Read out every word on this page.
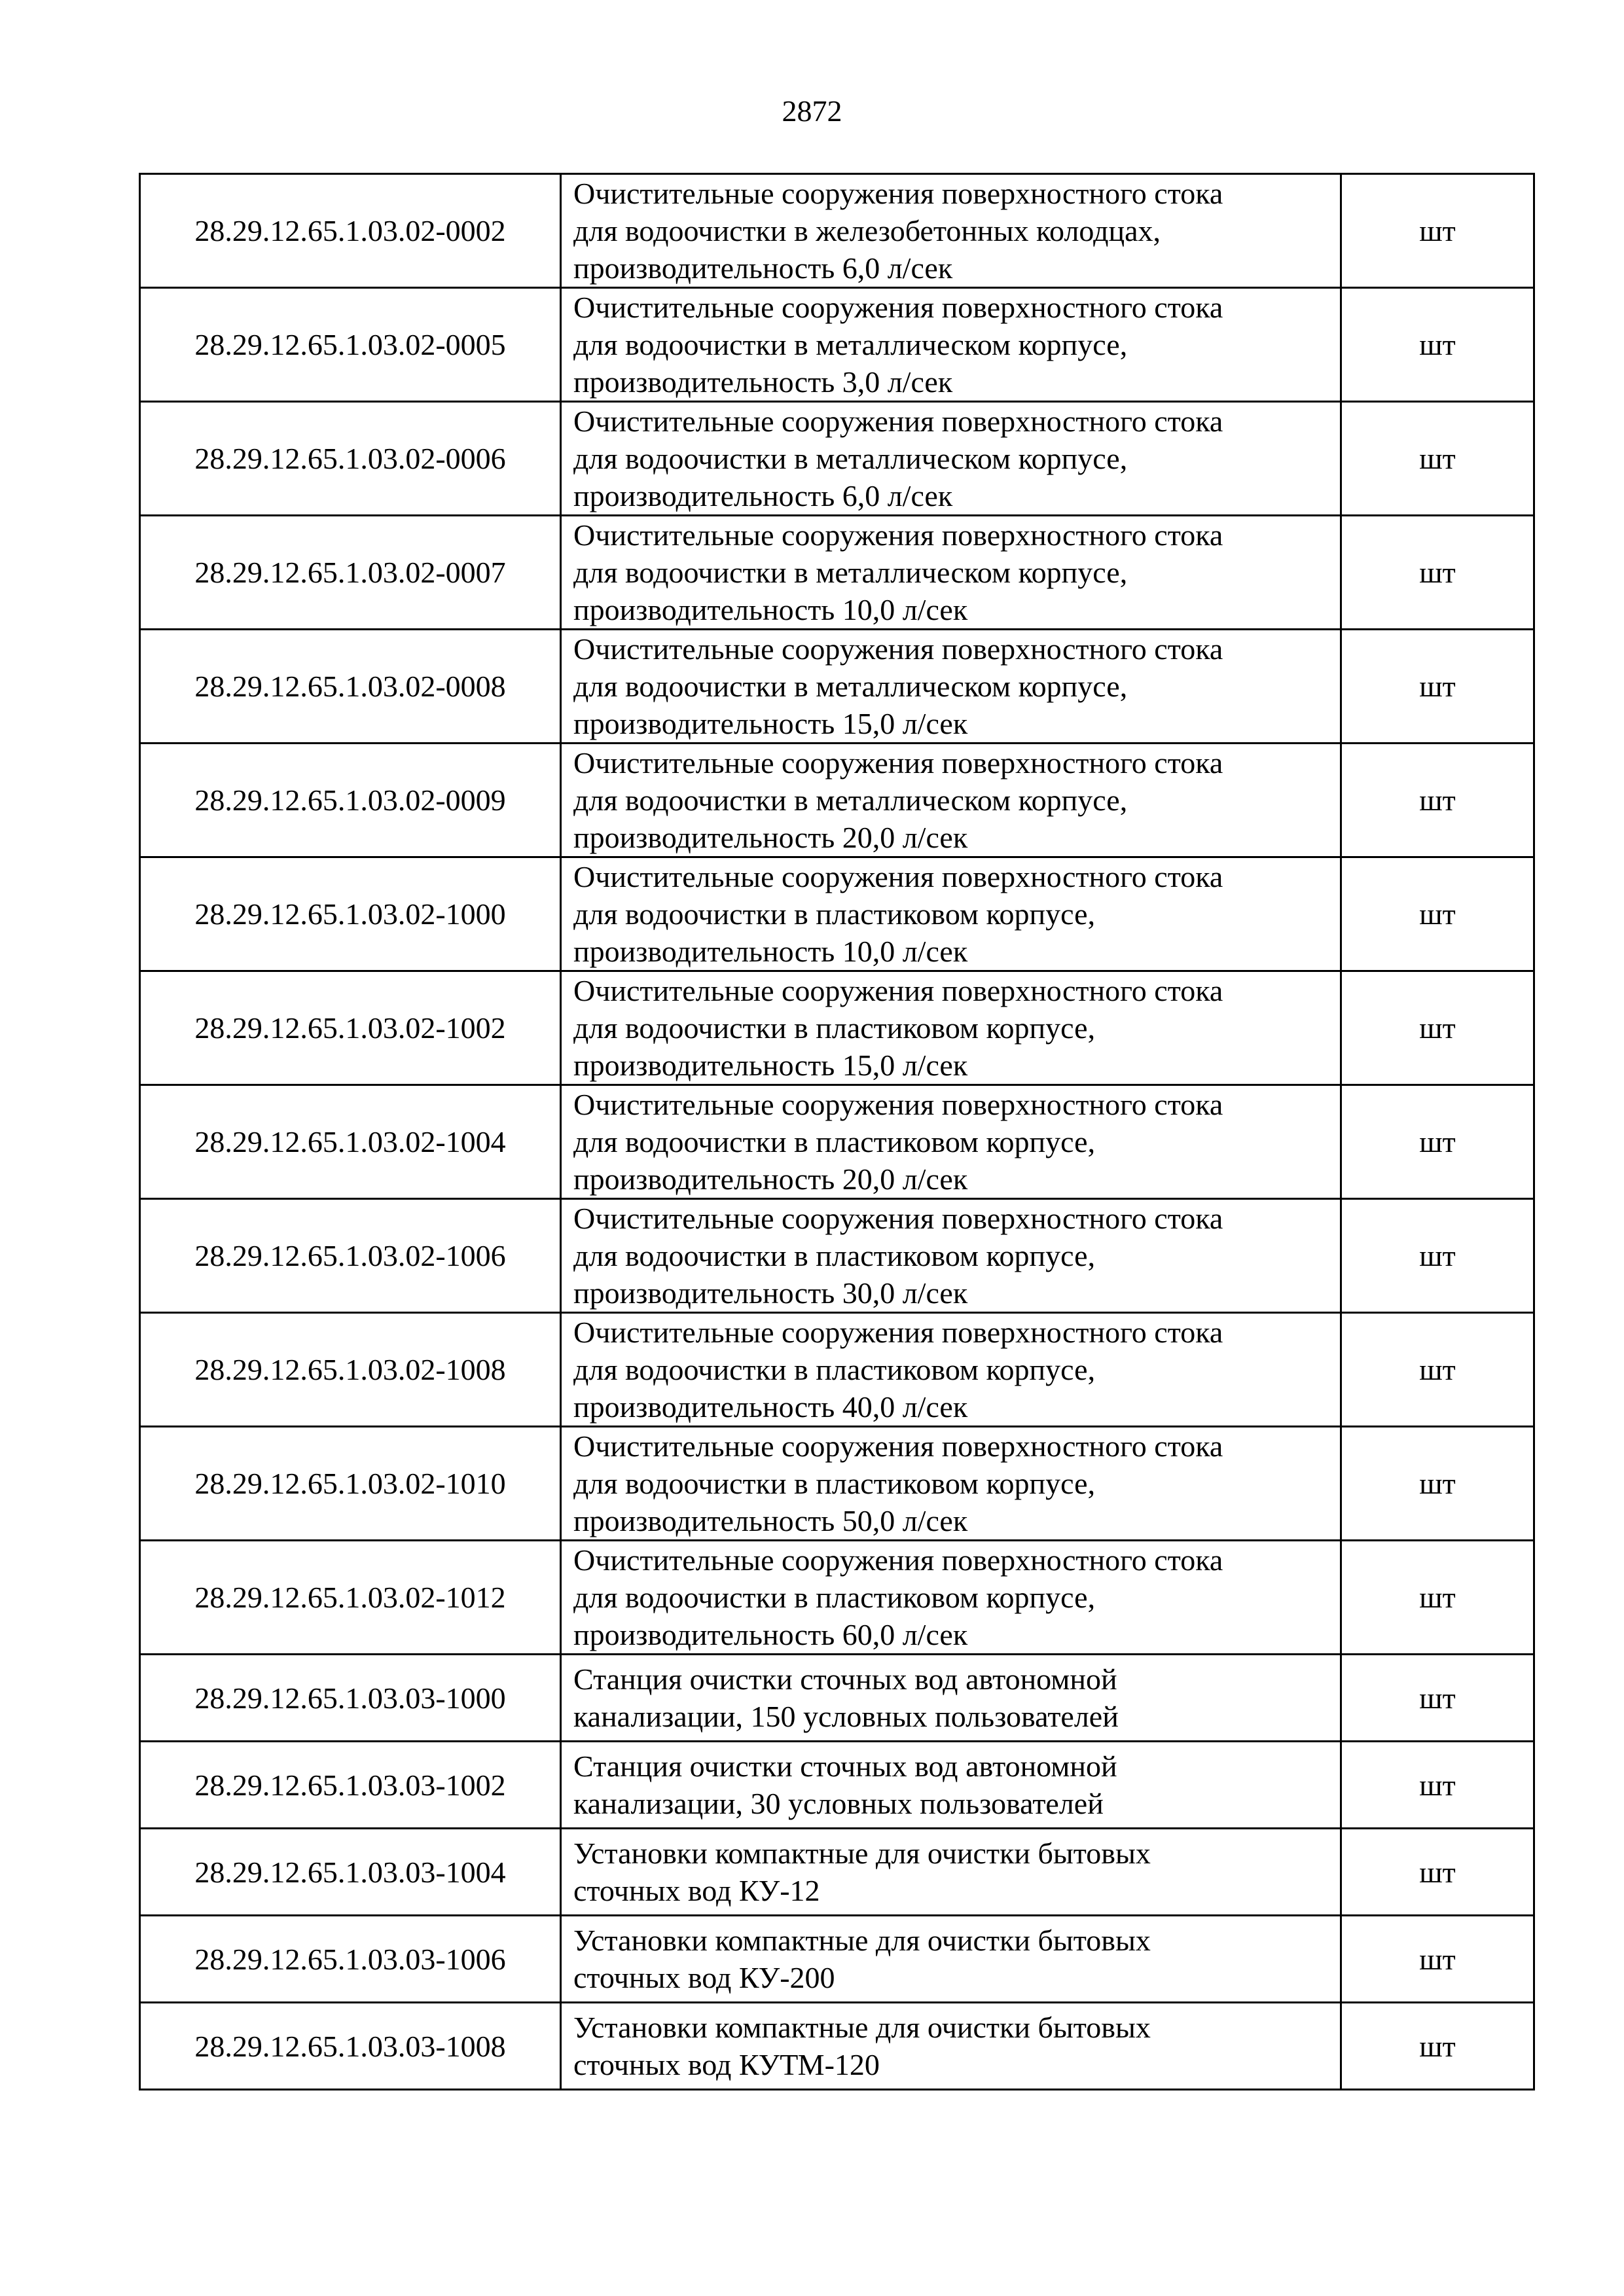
2872
28.29.12.65.1.03.02-0002	Очистительные сооружения поверхностного стока
для водоочистки в железобетонных колодцах,
производительность 6,0 л/сек	шт
28.29.12.65.1.03.02-0005	Очистительные сооружения поверхностного стока
для водоочистки в металлическом корпусе,
производительность 3,0 л/сек	шт
28.29.12.65.1.03.02-0006	Очистительные сооружения поверхностного стока
для водоочистки в металлическом корпусе,
производительность 6,0 л/сек	шт
28.29.12.65.1.03.02-0007	Очистительные сооружения поверхностного стока
для водоочистки в металлическом корпусе,
производительность 10,0 л/сек	шт
28.29.12.65.1.03.02-0008	Очистительные сооружения поверхностного стока
для водоочистки в металлическом корпусе,
производительность 15,0 л/сек	шт
28.29.12.65.1.03.02-0009	Очистительные сооружения поверхностного стока
для водоочистки в металлическом корпусе,
производительность 20,0 л/сек	шт
28.29.12.65.1.03.02-1000	Очистительные сооружения поверхностного стока
для водоочистки в пластиковом корпусе,
производительность 10,0 л/сек	шт
28.29.12.65.1.03.02-1002	Очистительные сооружения поверхностного стока
для водоочистки в пластиковом корпусе,
производительность 15,0 л/сек	шт
28.29.12.65.1.03.02-1004	Очистительные сооружения поверхностного стока
для водоочистки в пластиковом корпусе,
производительность 20,0 л/сек	шт
28.29.12.65.1.03.02-1006	Очистительные сооружения поверхностного стока
для водоочистки в пластиковом корпусе,
производительность 30,0 л/сек	шт
28.29.12.65.1.03.02-1008	Очистительные сооружения поверхностного стока
для водоочистки в пластиковом корпусе,
производительность 40,0 л/сек	шт
28.29.12.65.1.03.02-1010	Очистительные сооружения поверхностного стока
для водоочистки в пластиковом корпусе,
производительность 50,0 л/сек	шт
28.29.12.65.1.03.02-1012	Очистительные сооружения поверхностного стока
для водоочистки в пластиковом корпусе,
производительность 60,0 л/сек	шт
28.29.12.65.1.03.03-1000	Станция очистки сточных вод автономной
канализации, 150 условных пользователей	шт
28.29.12.65.1.03.03-1002	Станция очистки сточных вод автономной
канализации, 30 условных пользователей	шт
28.29.12.65.1.03.03-1004	Установки компактные для очистки бытовых
сточных вод КУ-12	шт
28.29.12.65.1.03.03-1006	Установки компактные для очистки бытовых
сточных вод КУ-200	шт
28.29.12.65.1.03.03-1008	Установки компактные для очистки бытовых
сточных вод КУТМ-120	шт
